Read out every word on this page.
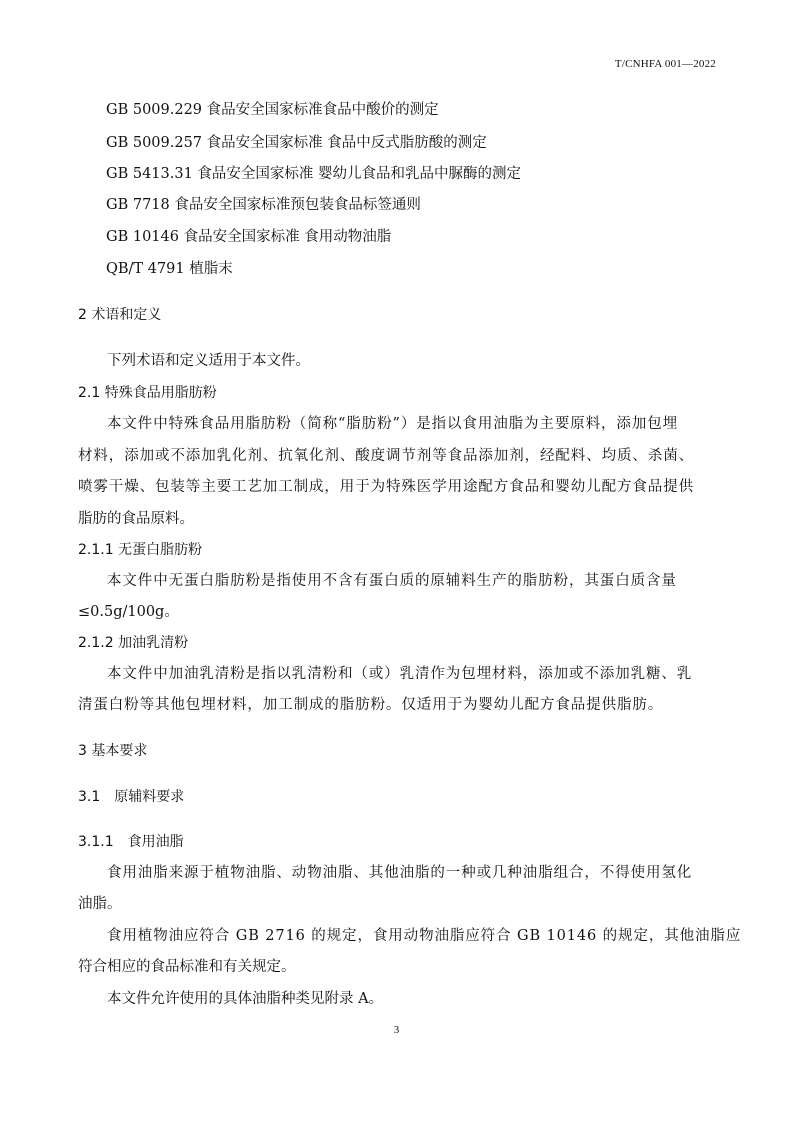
T/CNHFA 001—2022
GB 5009.229 食品安全国家标准食品中酸价的测定
GB 5009.257 食品安全国家标准 食品中反式脂肪酸的测定
GB 5413.31 食品安全国家标准 婴幼儿食品和乳品中脲酶的测定
GB 7718 食品安全国家标准预包装食品标签通则
GB 10146 食品安全国家标准 食用动物油脂
QB/T 4791 植脂末
2 术语和定义
下列术语和定义适用于本文件。
2.1 特殊食品用脂肪粉
本文件中特殊食品用脂肪粉（简称“脂肪粉”）是指以食用油脂为主要原料，添加包埋
材料，添加或不添加乳化剂、抗氧化剂、酸度调节剂等食品添加剂，经配料、均质、杀菌、
喷雾干燥、包装等主要工艺加工制成，用于为特殊医学用途配方食品和婴幼儿配方食品提供
脂肪的食品原料。
2.1.1 无蛋白脂肪粉
本文件中无蛋白脂肪粉是指使用不含有蛋白质的原辅料生产的脂肪粉，其蛋白质含量
≤0.5g/100g。
2.1.2 加油乳清粉
本文件中加油乳清粉是指以乳清粉和（或）乳清作为包埋材料，添加或不添加乳糖、乳
清蛋白粉等其他包埋材料，加工制成的脂肪粉。仅适用于为婴幼儿配方食品提供脂肪。
3 基本要求
3.1　原辅料要求
3.1.1　食用油脂
食用油脂来源于植物油脂、动物油脂、其他油脂的一种或几种油脂组合，不得使用氢化
油脂。
食用植物油应符合 GB 2716 的规定，食用动物油脂应符合 GB 10146 的规定，其他油脂应
符合相应的食品标准和有关规定。
本文件允许使用的具体油脂种类见附录 A。
3
